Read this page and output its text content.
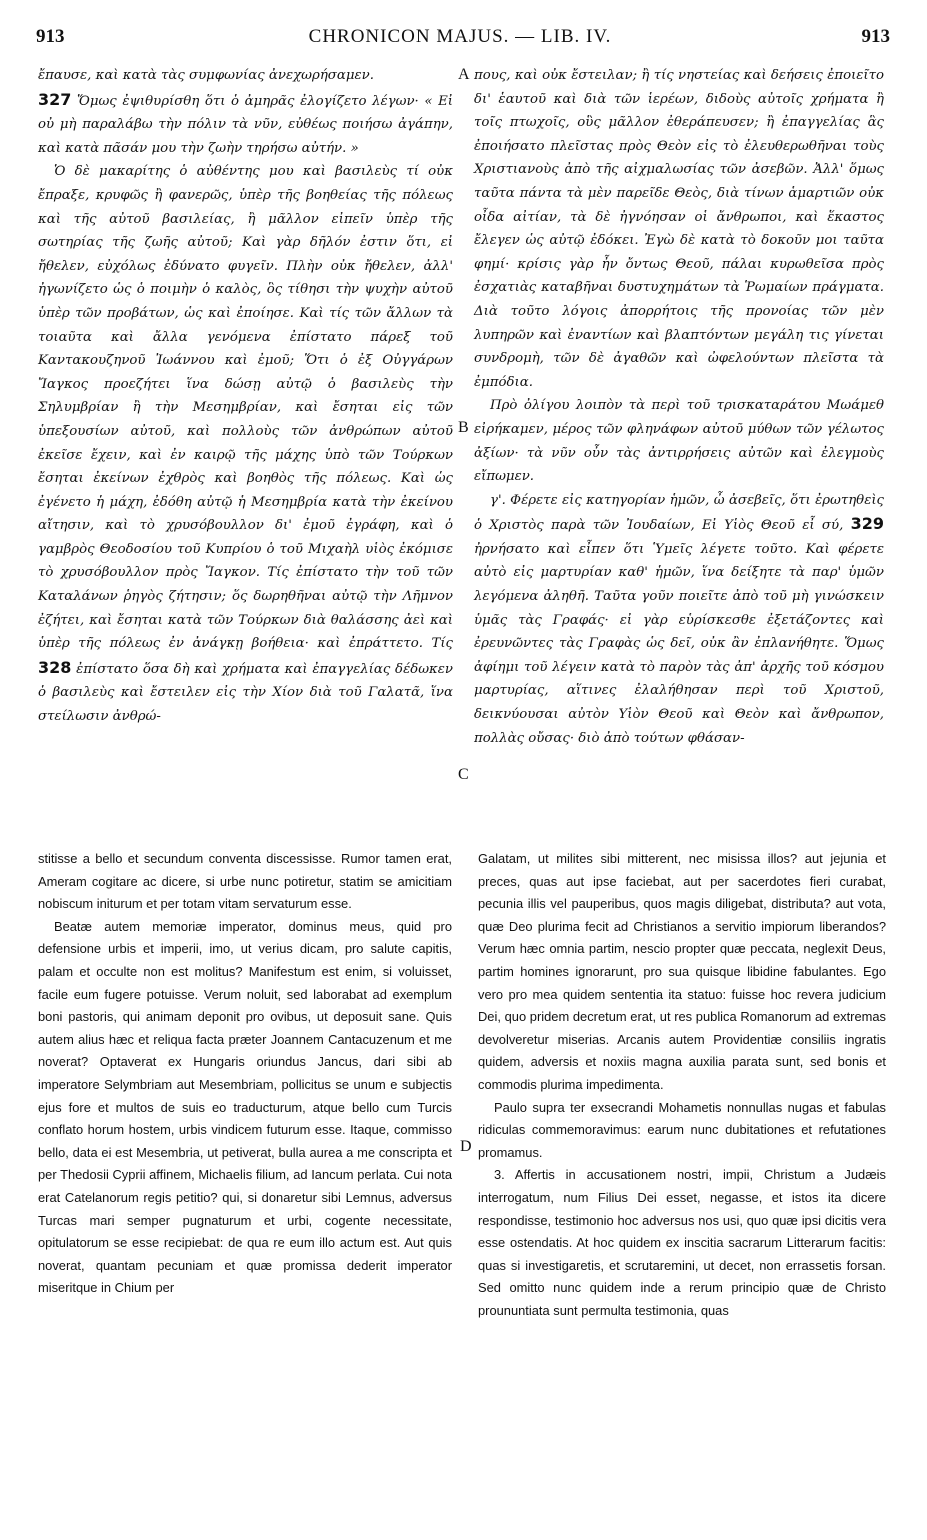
913	CHRONICON MAJUS. — LIB. IV.	913

ἔπαυσε, καὶ κατὰ τὰς συμφωνίας ἀνεχωρήσαμεν.

327 Ὅμως ἐψιθυρίσθη ὅτι ὁ ἀμηρᾶς ἐλογίζετο λέγων· « Εἰ οὐ μὴ παραλάβω τὴν πόλιν τὰ νῦν, εὐθέως ποιήσω ἀγάπην, καὶ κατὰ πᾶσάν μου τὴν ζωὴν τηρήσω αὐτήν. »

Ὁ δὲ μακαρίτης ὁ αὐθέντης μου καὶ βασιλεὺς τί οὐκ ἔπραξε, κρυφῶς ἢ φανερῶς, ὑπὲρ τῆς βοηθείας τῆς πόλεως καὶ τῆς αὐτοῦ βασιλείας, ἢ μᾶλλον εἰπεῖν ὑπὲρ τῆς σωτηρίας τῆς ζωῆς αὐτοῦ; Καὶ γὰρ δῆλόν ἐστιν ὅτι, εἰ ἤθελεν, εὐχόλως ἐδύνατο φυγεῖν. Πλὴν οὐκ ἤθελεν, ἀλλ' ἠγωνίζετο ὡς ὁ ποιμὴν ὁ καλὸς, ὃς τίθησι τὴν ψυχὴν αὐτοῦ ὑπὲρ τῶν προβάτων, ὡς καὶ ἐποίησε. Καὶ τίς τῶν ἄλλων τὰ τοιαῦτα καὶ ἄλλα γενόμενα ἐπίστατο πάρεξ τοῦ Καντακουζηνοῦ Ἰωάννου καὶ ἐμοῦ; Ὅτι ὁ ἐξ Οὐγγάρων Ἴαγκος προεζήτει ἵνα δώσῃ αὐτῷ ὁ βασιλεὺς τὴν Σηλυμβρίαν ἢ τὴν Μεσημβρίαν, καὶ ἔσηται εἰς τῶν ὑπεξουσίων αὐτοῦ, καὶ πολλοὺς τῶν ἀνθρώπων αὐτοῦ ἐκεῖσε ἔχειν, καὶ ἐν καιρῷ τῆς μάχης ὑπὸ τῶν Τούρκων ἔσηται ἐκείνων ἐχθρὸς καὶ βοηθὸς τῆς πόλεως. Καὶ ὡς ἐγένετο ἡ μάχη, ἐδόθη αὐτῷ ἡ Μεσημβρία κατὰ τὴν ἐκείνου αἴτησιν, καὶ τὸ χρυσόβουλλον δι' ἐμοῦ ἐγράφη, καὶ ὁ γαμβρὸς Θεοδοσίου τοῦ Κυπρίου ὁ τοῦ Μιχαὴλ υἱὸς ἐκόμισε τὸ χρυσόβουλλον πρὸς Ἴαγκον. Τίς ἐπίστατο τὴν τοῦ τῶν Καταλάνων ῥηγὸς ζήτησιν; ὅς δωρηθῆναι αὐτῷ τὴν Λῆμνον ἐζήτει, καὶ ἔσηται κατὰ τῶν Τούρκων διὰ θαλάσσης ἀεὶ καὶ ὑπὲρ τῆς πόλεως ἐν ἀνάγκῃ βοήθεια· καὶ ἐπράττετο. Τίς 328 ἐπίστατο ὅσα δὴ καὶ χρήματα καὶ ἐπαγγελίας δέδωκεν ὁ βασιλεὺς καὶ ἔστειλεν εἰς τὴν Χίον διὰ τοῦ Γαλατᾶ, ἵνα στείλωσιν ἀνθρώ-

πους, καὶ οὐκ ἔστειλαν; ἢ τίς νηστείας καὶ δεήσεις ἐποιεῖτο δι' ἑαυτοῦ καὶ διὰ τῶν ἱερέων, διδοὺς αὐτοῖς χρήματα ἢ τοῖς πτωχοῖς, οὓς μᾶλλον ἐθεράπευσεν; ἢ ἐπαγγελίας ἃς ἐποιήσατο πλεῖστας πρὸς Θεὸν εἰς τὸ ἐλευθερωθῆναι τοὺς Χριστιανοὺς ἀπὸ τῆς αἰχμαλωσίας τῶν ἀσεβῶν. Ἀλλ' ὅμως ταῦτα πάντα τὰ μὲν παρεῖδε Θεὸς, διὰ τίνων ἁμαρτιῶν οὐκ οἶδα αἰτίαν, τὰ δὲ ἠγνόησαν οἱ ἄνθρωποι, καὶ ἕκαστος ἔλεγεν ὡς αὐτῷ ἐδόκει. Ἐγὼ δὲ κατὰ τὸ δοκοῦν μοι ταῦτα φημί· κρίσις γὰρ ἦν ὄντως Θεοῦ, πάλαι κυρωθεῖσα πρὸς ἐσχατιὰς καταβῆναι δυστυχημάτων τὰ Ῥωμαίων πράγματα. Διὰ τοῦτο λόγοις ἀπορρήτοις τῆς προνοίας τῶν μὲν λυπηρῶν καὶ ἐναντίων καὶ βλαπτόντων μεγάλη τις γίνεται συνδρομὴ, τῶν δὲ ἀγαθῶν καὶ ὠφελούντων πλεῖστα τὰ ἐμπόδια.

Πρὸ ὀλίγου λοιπὸν τὰ περὶ τοῦ τρισκαταράτου Μωάμεθ εἰρήκαμεν, μέρος τῶν φληνάφων αὐτοῦ μύθων τῶν γέλωτος ἀξίων· τὰ νῦν οὖν τὰς ἀντιρρήσεις αὐτῶν καὶ ἐλεγμοὺς εἴπωμεν.

γ'. Φέρετε εἰς κατηγορίαν ἡμῶν, ὦ ἀσεβεῖς, ὅτι ἐρωτηθεὶς ὁ Χριστὸς παρὰ τῶν Ἰουδαίων, Εἰ Υἱὸς Θεοῦ εἶ σύ, 329 ἠρνήσατο καὶ εἶπεν ὅτι Ὑμεῖς λέγετε τοῦτο. Καὶ φέρετε αὐτὸ εἰς μαρτυρίαν καθ' ἡμῶν, ἵνα δείξητε τὰ παρ' ὑμῶν λεγόμενα ἀληθῆ. Ταῦτα γοῦν ποιεῖτε ἀπὸ τοῦ μὴ γινώσκειν ὑμᾶς τὰς Γραφάς· εἰ γὰρ εὑρίσκεσθε ἐξετάζοντες καὶ ἐρευνῶντες τὰς Γραφὰς ὡς δεῖ, οὐκ ἂν ἐπλανήθητε. Ὅμως ἀφίημι τοῦ λέγειν κατὰ τὸ παρὸν τὰς ἀπ' ἀρχῆς τοῦ κόσμου μαρτυρίας, αἵτινες ἐλαλήθησαν περὶ τοῦ Χριστοῦ, δεικνύουσαι αὐτὸν Υἱὸν Θεοῦ καὶ Θεὸν καὶ ἄνθρωπον, πολλὰς οὔσας· διὸ ἀπὸ τούτων φθάσαν-

A
B
C
D

stitisse a bello et secundum conventa discessisse. Rumor tamen erat, Ameram cogitare ac dicere, si urbe nunc potiretur, statim se amicitiam nobiscum initurum et per totam vitam servaturum esse.

Beatæ autem memoriæ imperator, dominus meus, quid pro defensione urbis et imperii, imo, ut verius dicam, pro salute capitis, palam et occulte non est molitus? Manifestum est enim, si voluisset, facile eum fugere potuisse. Verum noluit, sed laborabat ad exemplum boni pastoris, qui animam deponit pro ovibus, ut deposuit sane. Quis autem alius hæc et reliqua facta præter Joannem Cantacuzenum et me noverat? Optaverat ex Hungaris oriundus Jancus, dari sibi ab imperatore Selymbriam aut Mesembriam, pollicitus se unum e subjectis ejus fore et multos de suis eo traducturum, atque bello cum Turcis conflato horum hostem, urbis vindicem futurum esse. Itaque, commisso bello, data ei est Mesembria, ut petiverat, bulla aurea a me conscripta et per Thedosii Cyprii affinem, Michaelis filium, ad Iancum perlata. Cui nota erat Catelanorum regis petitio? qui, si donaretur sibi Lemnus, adversus Turcas mari semper pugnaturum et urbi, cogente necessitate, opitulatorum se esse recipiebat: de qua re eum illo actum est. Aut quis noverat, quantam pecuniam et quæ promissa dederit imperator miseritque in Chium per

Galatam, ut milites sibi mitterent, nec misissa illos? aut jejunia et preces, quas aut ipse faciebat, aut per sacerdotes fieri curabat, pecunia illis vel pauperibus, quos magis diligebat, distributa? aut vota, quæ Deo plurima fecit ad Christianos a servitio impiorum liberandos? Verum hæc omnia partim, nescio propter quæ peccata, neglexit Deus, partim homines ignorarunt, pro sua quisque libidine fabulantes. Ego vero pro mea quidem sententia ita statuo: fuisse hoc revera judicium Dei, quo pridem decretum erat, ut res publica Romanorum ad extremas devolveretur miserias. Arcanis autem Providentiæ consiliis ingratis quidem, adversis et noxiis magna auxilia parata sunt, sed bonis et commodis plurima impedimenta.

Paulo supra ter exsecrandi Mohametis nonnullas nugas et fabulas ridiculas commemoravimus: earum nunc dubitationes et refutationes promamus.

3. Affertis in accusationem nostri, impii, Christum a Judæis interrogatum, num Filius Dei esset, negasse, et istos ita dicere respondisse, testimonio hoc adversus nos usi, quo quæ ipsi dicitis vera esse ostendatis. At hoc quidem ex inscitia sacrarum Litterarum facitis: quas si investigaretis, et scrutaremini, ut decet, non errassetis forsan. Sed omitto nunc quidem inde a rerum principio quæ de Christo proununtiata sunt permulta testimonia, quas
